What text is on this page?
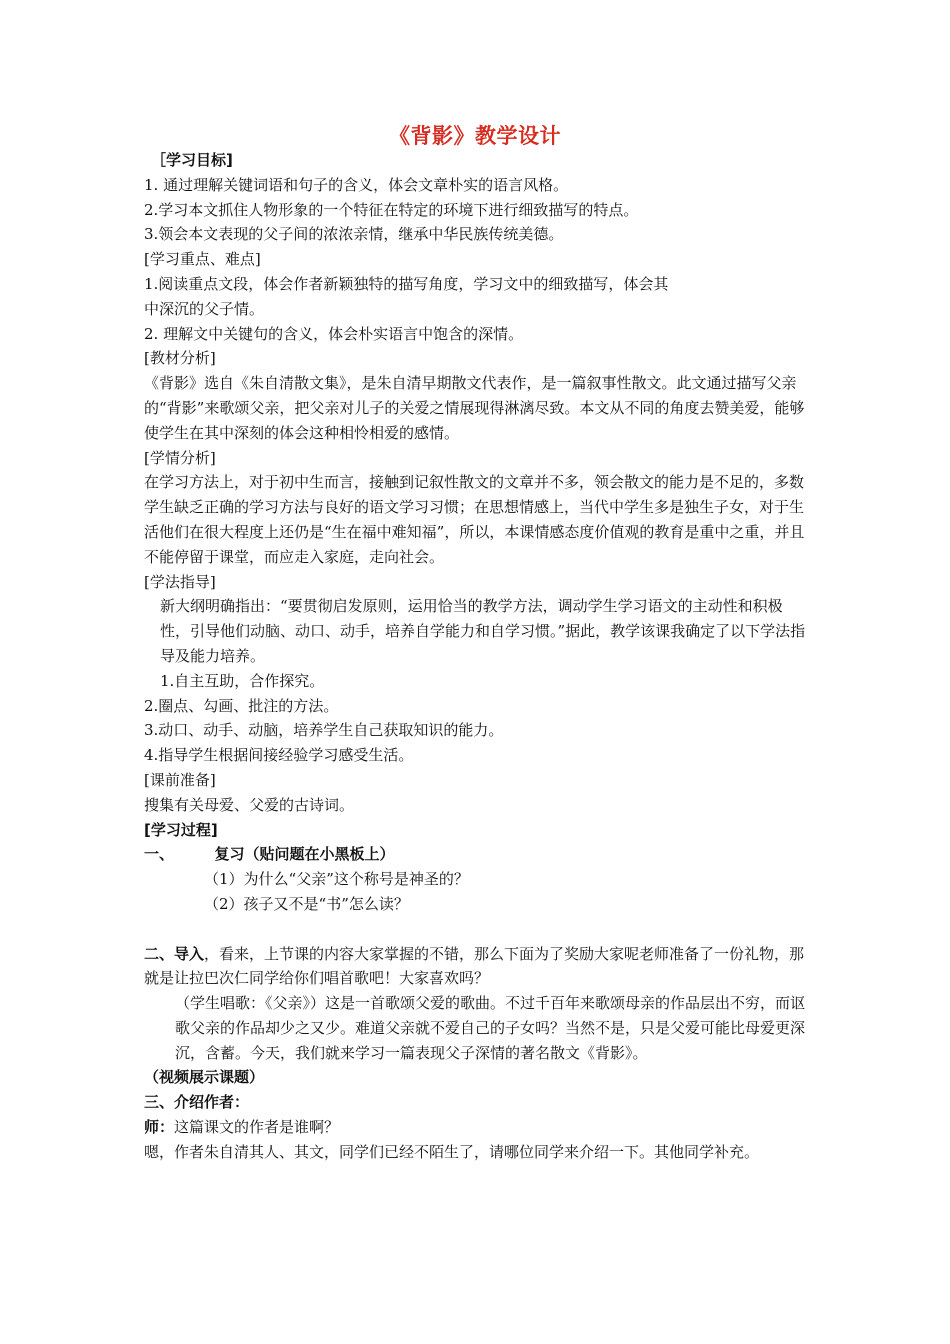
《背影》教学设计

［学习目标]

1. 通过理解关键词语和句子的含义，体会文章朴实的语言风格。

2.学习本文抓住人物形象的一个特征在特定的环境下进行细致描写的特点。

3.领会本文表现的父子间的浓浓亲情，继承中华民族传统美德。

[学习重点、难点]

1.阅读重点文段，体会作者新颖独特的描写角度，学习文中的细致描写，体会其

中深沉的父子情。

2. 理解文中关键句的含义，体会朴实语言中饱含的深情。

[教材分析]

《背影》选自《朱自清散文集》，是朱自清早期散文代表作，是一篇叙事性散文。此文通过描写父亲的“背影”来歌颂父亲，把父亲对儿子的关爱之情展现得淋漓尽致。本文从不同的角度去赞美爱，能够使学生在其中深刻的体会这种相怜相爱的感情。

[学情分析]

在学习方法上，对于初中生而言，接触到记叙性散文的文章并不多，领会散文的能力是不足的，多数学生缺乏正确的学习方法与良好的语文学习习惯；在思想情感上，当代中学生多是独生子女，对于生活他们在很大程度上还仍是“生在福中难知福”，所以，本课情感态度价值观的教育是重中之重，并且不能停留于课堂，而应走入家庭，走向社会。

[学法指导]

新大纲明确指出：“要贯彻启发原则，运用恰当的教学方法，调动学生学习语文的主动性和积极性，引导他们动脑、动口、动手，培养自学能力和自学习惯。”据此，教学该课我确定了以下学法指导及能力培养。

1.自主互助，合作探究。

2.圈点、勾画、批注的方法。

3.动口、动手、动脑，培养学生自己获取知识的能力。

4.指导学生根据间接经验学习感受生活。

[课前准备]

搜集有关母爱、父爱的古诗词。

[学习过程]

一、	复习（贴问题在小黑板上）

（1）为什么“父亲”这个称号是神圣的？

（2）孩子又不是“书”怎么读？

二、导入，看来，上节课的内容大家掌握的不错，那么下面为了奖励大家呢老师准备了一份礼物，那就是让拉巴次仁同学给你们唱首歌吧！大家喜欢吗？

（学生唱歌：《父亲》）这是一首歌颂父爱的歌曲。不过千百年来歌颂母亲的作品层出不穷，而讴歌父亲的作品却少之又少。难道父亲就不爱自己的子女吗？当然不是，只是父爱可能比母爱更深沉，含蓄。今天，我们就来学习一篇表现父子深情的著名散文《背影》。

（视频展示课题）

三、介绍作者：

师：这篇课文的作者是谁啊？

嗯，作者朱自清其人、其文，同学们已经不陌生了，请哪位同学来介绍一下。其他同学补充。
